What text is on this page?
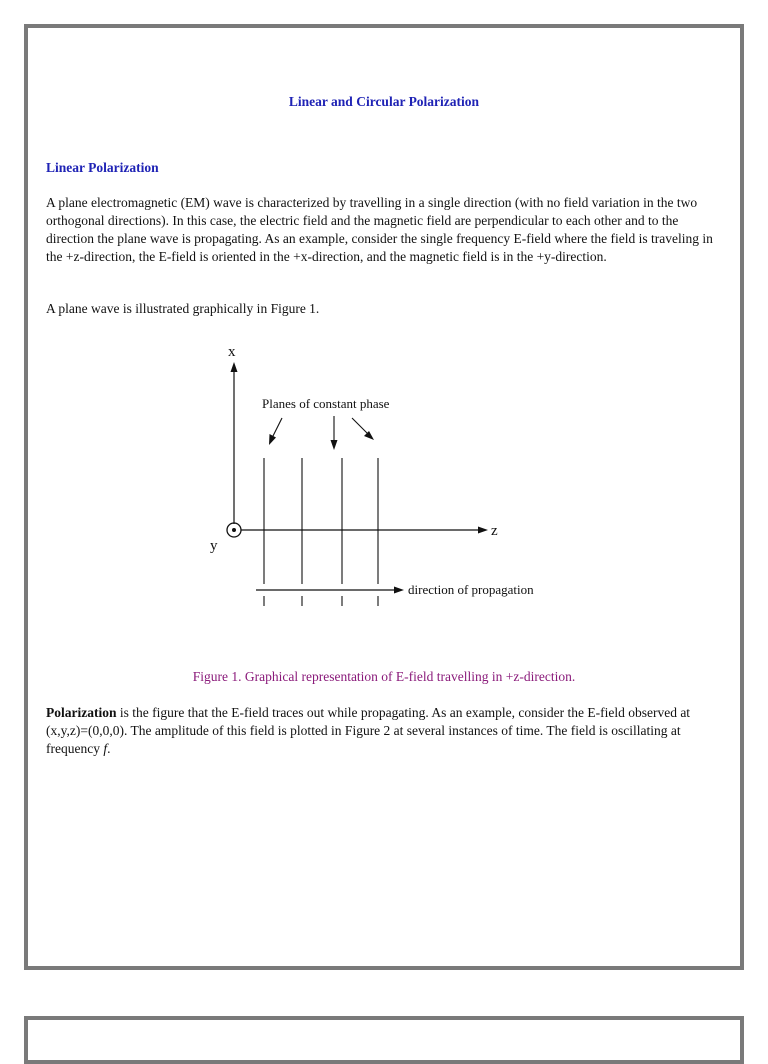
Linear and Circular Polarization
Linear Polarization

A plane electromagnetic (EM) wave is characterized by travelling in a single direction (with no field variation in the two orthogonal directions). In this case, the electric field and the magnetic field are perpendicular to each other and to the direction the plane wave is propagating. As an example, consider the single frequency E-field where the field is traveling in the +z-direction, the E-field is oriented in the +x-direction, and the magnetic field is in the +y-direction.

A plane wave is illustrated graphically in Figure 1.

x
y
z
Planes of constant phase
direction of propagation
Figure 1. Graphical representation of E-field travelling in +z-direction.

Polarization is the figure that the E-field traces out while propagating. As an example, consider the E-field observed at (x,y,z)=(0,0,0). The amplitude of this field is plotted in Figure 2 at several instances of time. The field is oscillating at frequency f.
